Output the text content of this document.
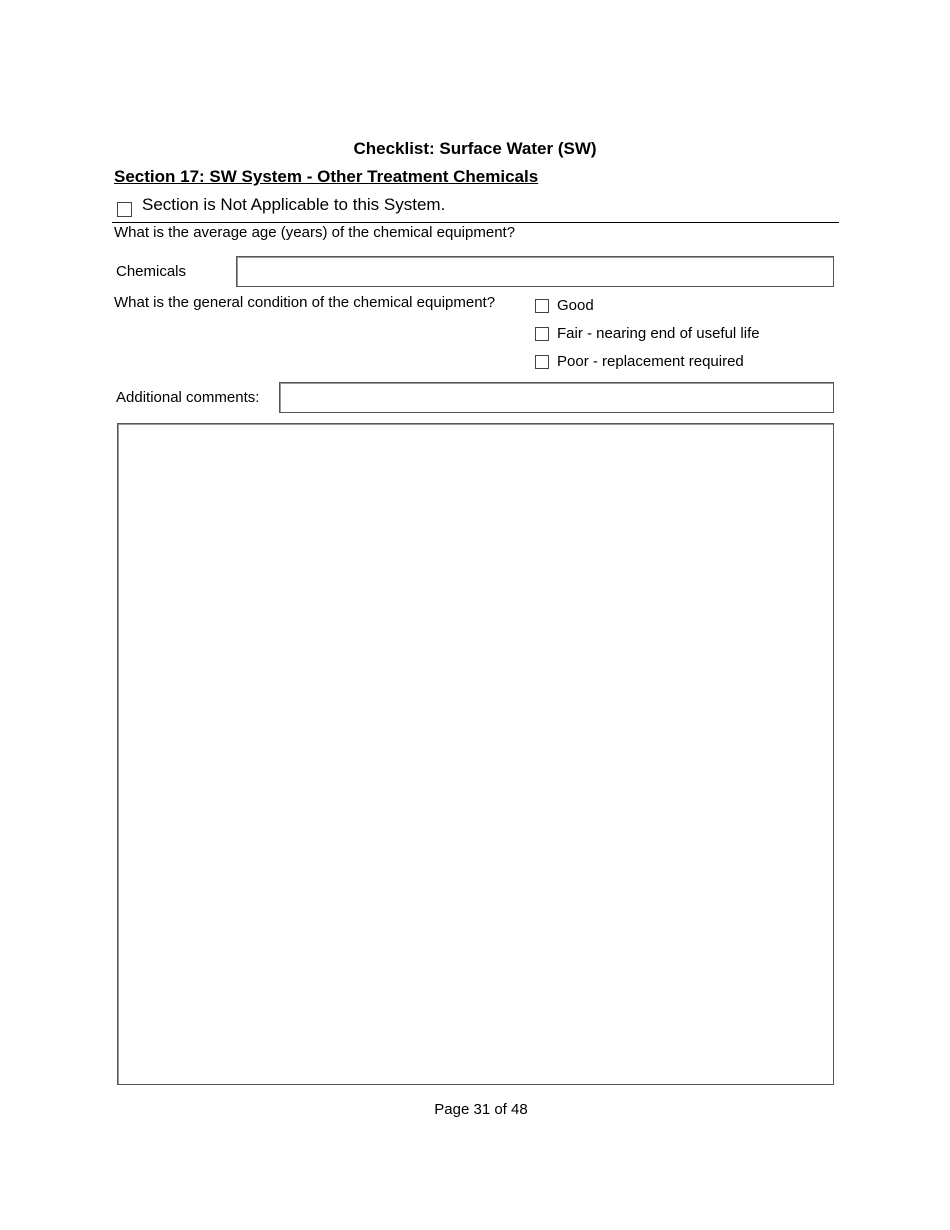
Checklist: Surface Water (SW)
Section 17: SW System - Other Treatment Chemicals
Section is Not Applicable to this System.
What is the average age (years) of the chemical equipment?
Chemicals
What is the general condition of the chemical equipment?	Good
Fair - nearing end of useful life
Poor - replacement required
Additional comments:
Page 31 of 48
